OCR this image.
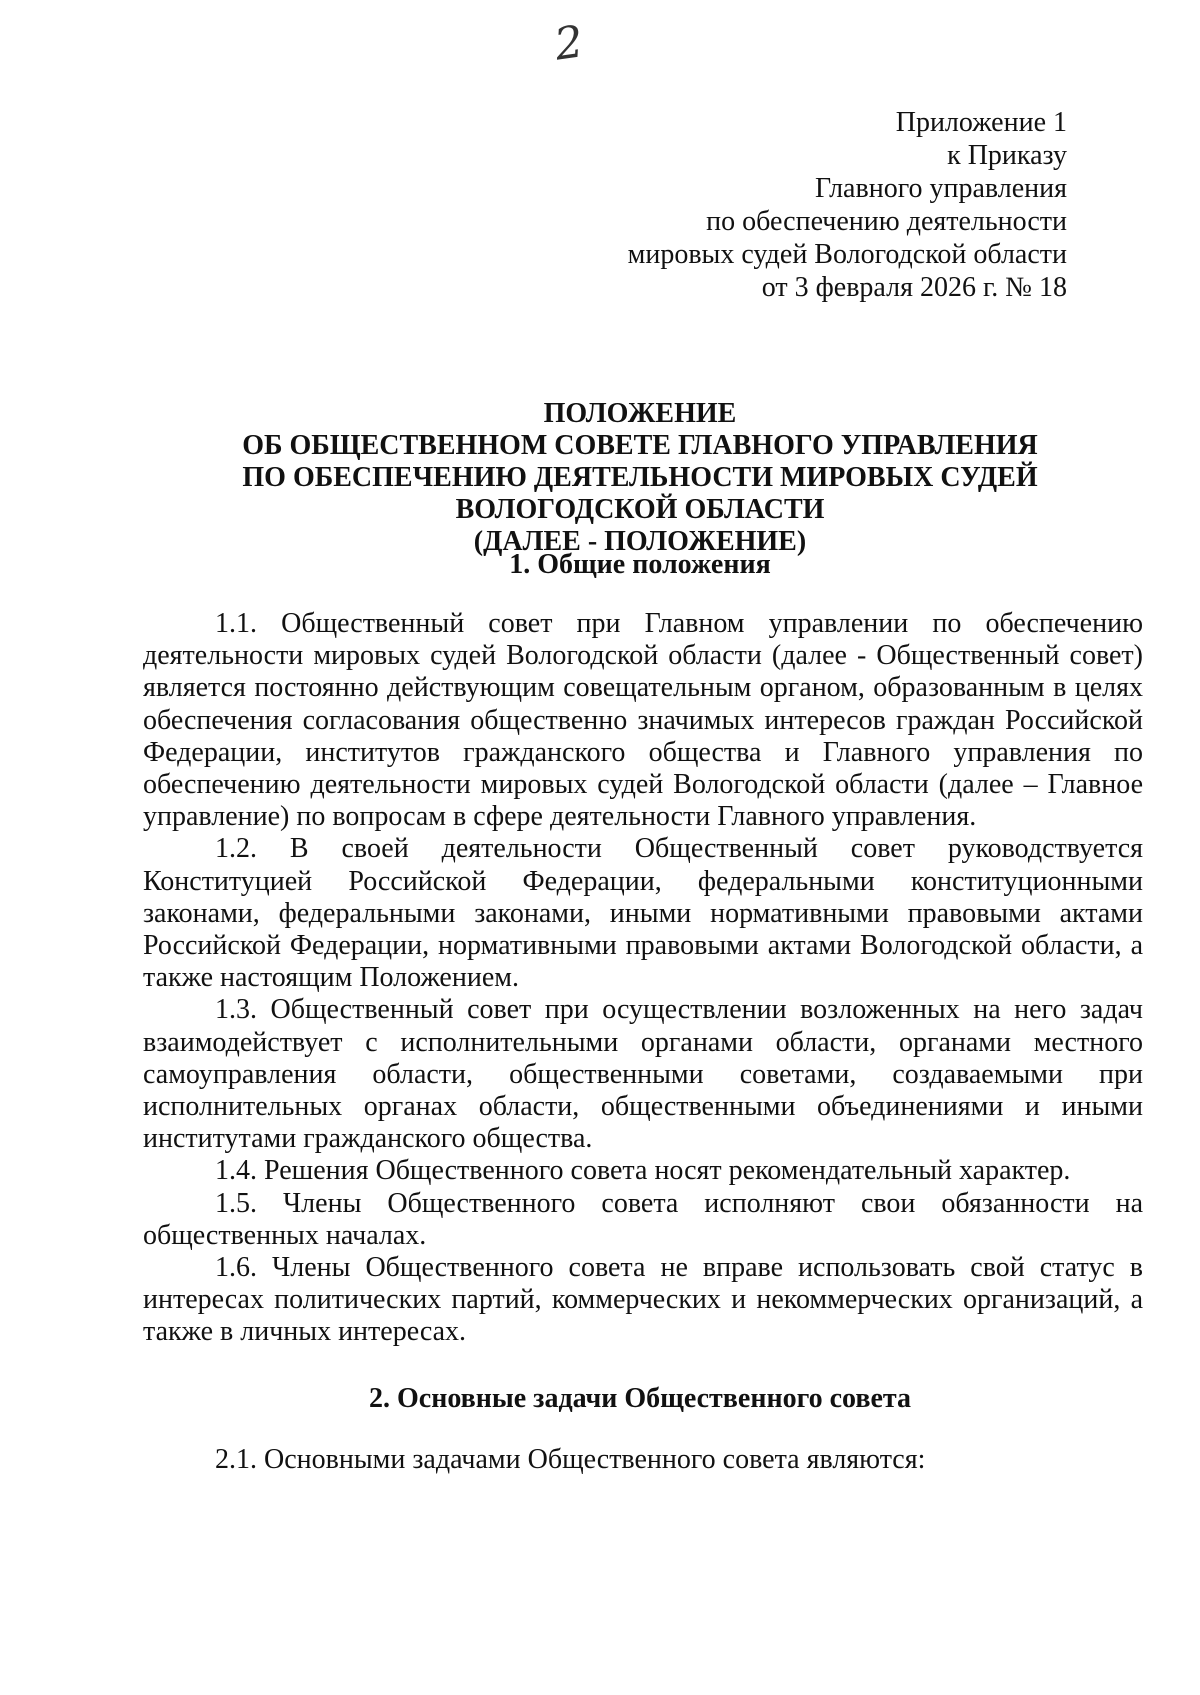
2
Приложение 1
к Приказу
Главного управления
по обеспечению деятельности
мировых судей Вологодской области
от 3 февраля 2026 г. № 18
ПОЛОЖЕНИЕ
ОБ ОБЩЕСТВЕННОМ СОВЕТЕ ГЛАВНОГО УПРАВЛЕНИЯ
ПО ОБЕСПЕЧЕНИЮ ДЕЯТЕЛЬНОСТИ МИРОВЫХ СУДЕЙ
ВОЛОГОДСКОЙ ОБЛАСТИ
(ДАЛЕЕ - ПОЛОЖЕНИЕ)
1. Общие положения

1.1. Общественный совет при Главном управлении по обеспечению деятельности мировых судей Вологодской области (далее - Общественный совет) является постоянно действующим совещательным органом, образованным в целях обеспечения согласования общественно значимых интересов граждан Российской Федерации, институтов гражданского общества и Главного управления по обеспечению деятельности мировых судей Вологодской области (далее – Главное управление) по вопросам в сфере деятельности Главного управления.

1.2. В своей деятельности Общественный совет руководствуется Конституцией Российской Федерации, федеральными конституционными законами, федеральными законами, иными нормативными правовыми актами Российской Федерации, нормативными правовыми актами Вологодской области, а также настоящим Положением.

1.3. Общественный совет при осуществлении возложенных на него задач взаимодействует с исполнительными органами области, органами местного самоуправления области, общественными советами, создаваемыми при исполнительных органах области, общественными объединениями и иными институтами гражданского общества.

1.4. Решения Общественного совета носят рекомендательный характер.

1.5. Члены Общественного совета исполняют свои обязанности на общественных началах.

1.6. Члены Общественного совета не вправе использовать свой статус в интересах политических партий, коммерческих и некоммерческих организаций, а также в личных интересах.

2. Основные задачи Общественного совета

2.1. Основными задачами Общественного совета являются:
